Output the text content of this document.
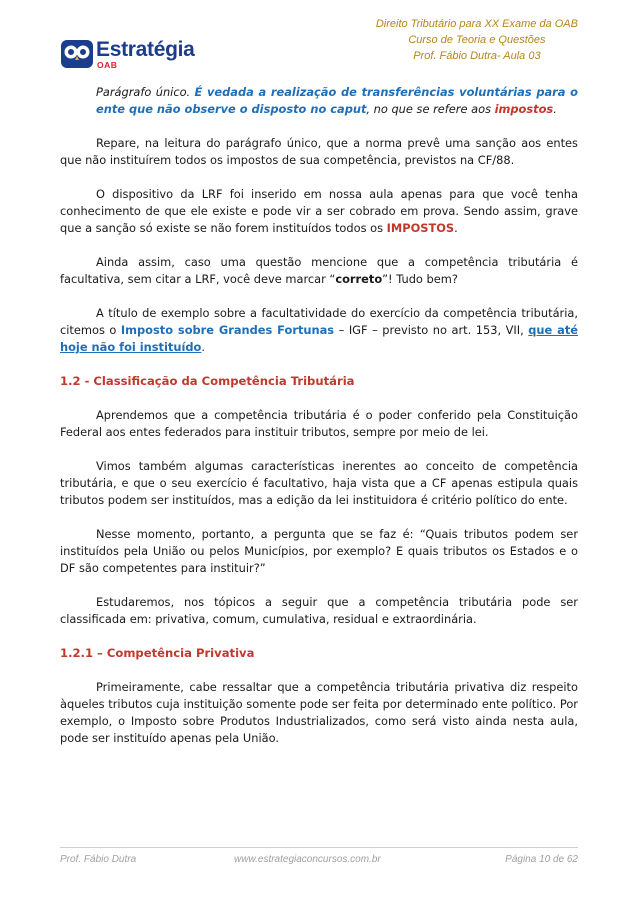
Estratégia
OAB
Direito Tributário para XX Exame da OAB
Curso de Teoria e Questões
Prof. Fábio Dutra- Aula 03

Parágrafo único. É vedada a realização de transferências voluntárias para o ente que não observe o disposto no caput, no que se refere aos impostos.

Repare, na leitura do parágrafo único, que a norma prevê uma sanção aos entes que não instituírem todos os impostos de sua competência, previstos na CF/88.

O dispositivo da LRF foi inserido em nossa aula apenas para que você tenha conhecimento de que ele existe e pode vir a ser cobrado em prova. Sendo assim, grave que a sanção só existe se não forem instituídos todos os IMPOSTOS.

Ainda assim, caso uma questão mencione que a competência tributária é facultativa, sem citar a LRF, você deve marcar “correto”! Tudo bem?

A título de exemplo sobre a facultatividade do exercício da competência tributária, citemos o Imposto sobre Grandes Fortunas – IGF – previsto no art. 153, VII, que até hoje não foi instituído.

1.2 - Classificação da Competência Tributária

Aprendemos que a competência tributária é o poder conferido pela Constituição Federal aos entes federados para instituir tributos, sempre por meio de lei.

Vimos também algumas características inerentes ao conceito de competência tributária, e que o seu exercício é facultativo, haja vista que a CF apenas estipula quais tributos podem ser instituídos, mas a edição da lei instituidora é critério político do ente.

Nesse momento, portanto, a pergunta que se faz é: “Quais tributos podem ser instituídos pela União ou pelos Municípios, por exemplo? E quais tributos os Estados e o DF são competentes para instituir?”

Estudaremos, nos tópicos a seguir que a competência tributária pode ser classificada em: privativa, comum, cumulativa, residual e extraordinária.

1.2.1 – Competência Privativa

Primeiramente, cabe ressaltar que a competência tributária privativa diz respeito àqueles tributos cuja instituição somente pode ser feita por determinado ente político. Por exemplo, o Imposto sobre Produtos Industrializados, como será visto ainda nesta aula, pode ser instituído apenas pela União.

Prof. Fábio Dutra	www.estrategiaconcursos.com.br	Página 10 de 62
